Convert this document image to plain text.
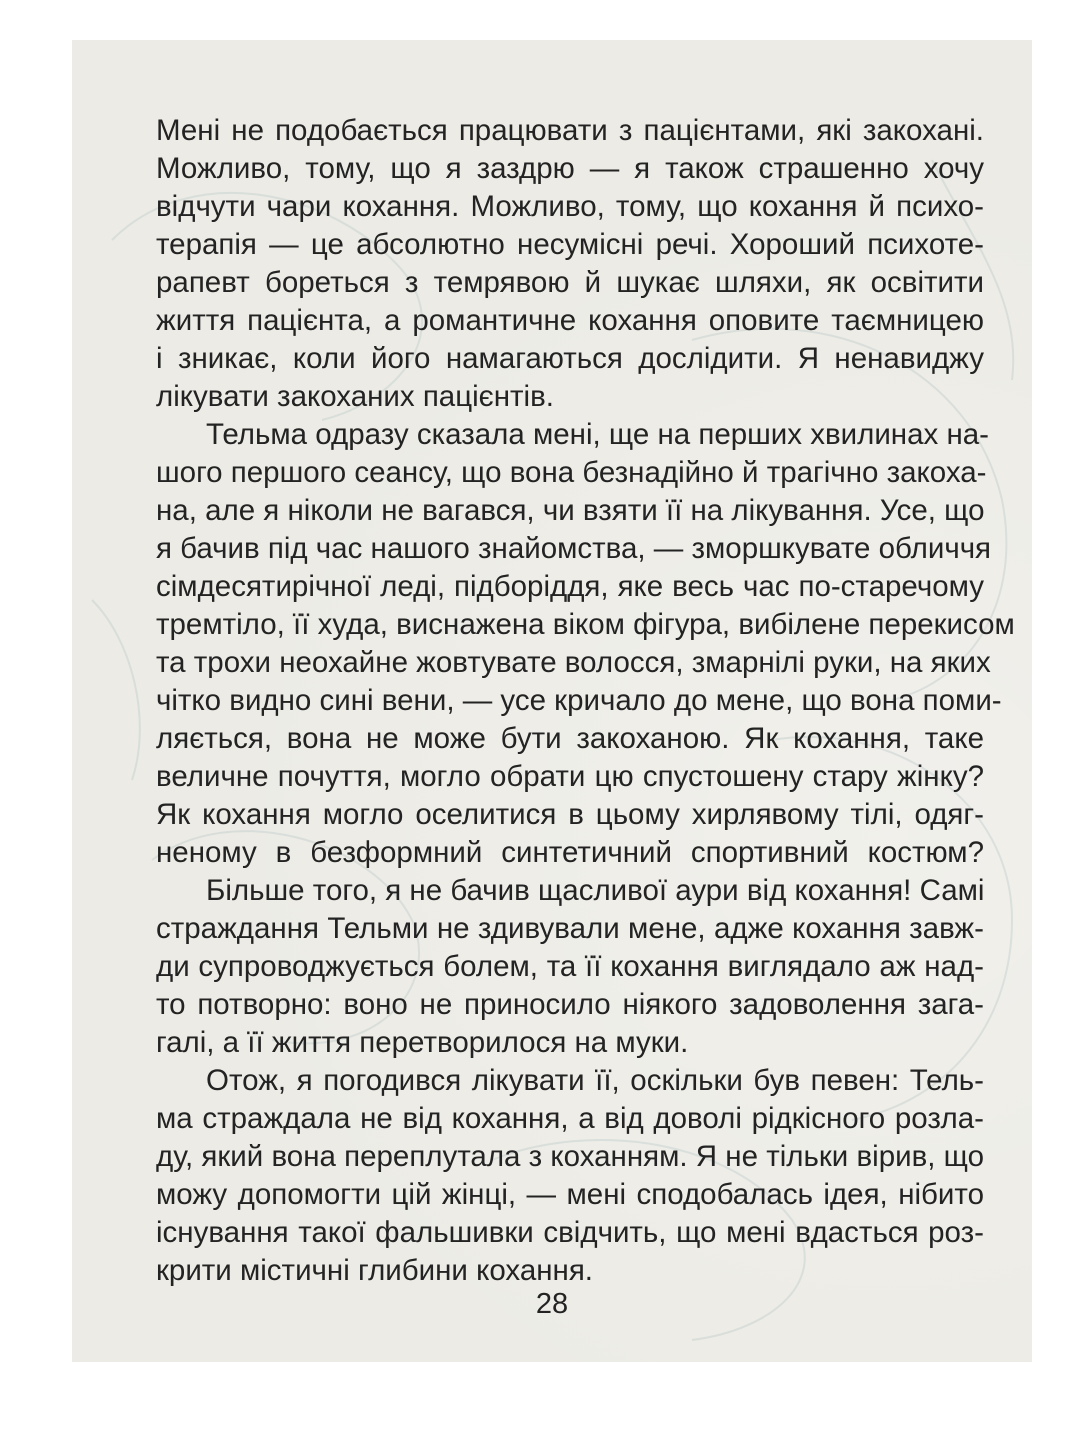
Мені не подобається працювати з пацієнтами, які закохані.
Можливо, тому, що я заздрю — я також страшенно хочу
відчути чари кохання. Можливо, тому, що кохання й психо-
терапія — це абсолютно несумісні речі. Хороший психоте-
рапевт бореться з темрявою й шукає шляхи, як освітити
життя пацієнта, а романтичне кохання оповите таємницею
і зникає, коли його намагаються дослідити. Я ненавиджу
лікувати закоханих пацієнтів.
Тельма одразу сказала мені, ще на перших хвилинах на-
шого першого сеансу, що вона безнадійно й трагічно закоха-
на, але я ніколи не вагався, чи взяти її на лікування. Усе, що
я бачив під час нашого знайомства, — зморшкувате обличчя
сімдесятирічної леді, підборіддя, яке весь час по-старечому
тремтіло, її худа, виснажена віком фігура, вибілене перекисом
та трохи неохайне жовтувате волосся, змарнілі руки, на яких
чітко видно сині вени, — усе кричало до мене, що вона поми-
ляється, вона не може бути закоханою. Як кохання, таке
величне почуття, могло обрати цю спустошену стару жінку?
Як кохання могло оселитися в цьому хирлявому тілі, одяг-
неному в безформний синтетичний спортивний костюм?
Більше того, я не бачив щасливої аури від кохання! Самі
страждання Тельми не здивували мене, адже кохання завж-
ди супроводжується болем, та її кохання виглядало аж над-
то потворно: воно не приносило ніякого задоволення зага-
галі, а її життя перетворилося на муки.
Отож, я погодився лікувати її, оскільки був певен: Тель-
ма страждала не від кохання, а від доволі рідкісного розла-
ду, який вона переплутала з коханням. Я не тільки вірив, що
можу допомогти цій жінці, — мені сподобалась ідея, нібито
існування такої фальшивки свідчить, що мені вдасться роз-
крити містичні глибини кохання.
28
